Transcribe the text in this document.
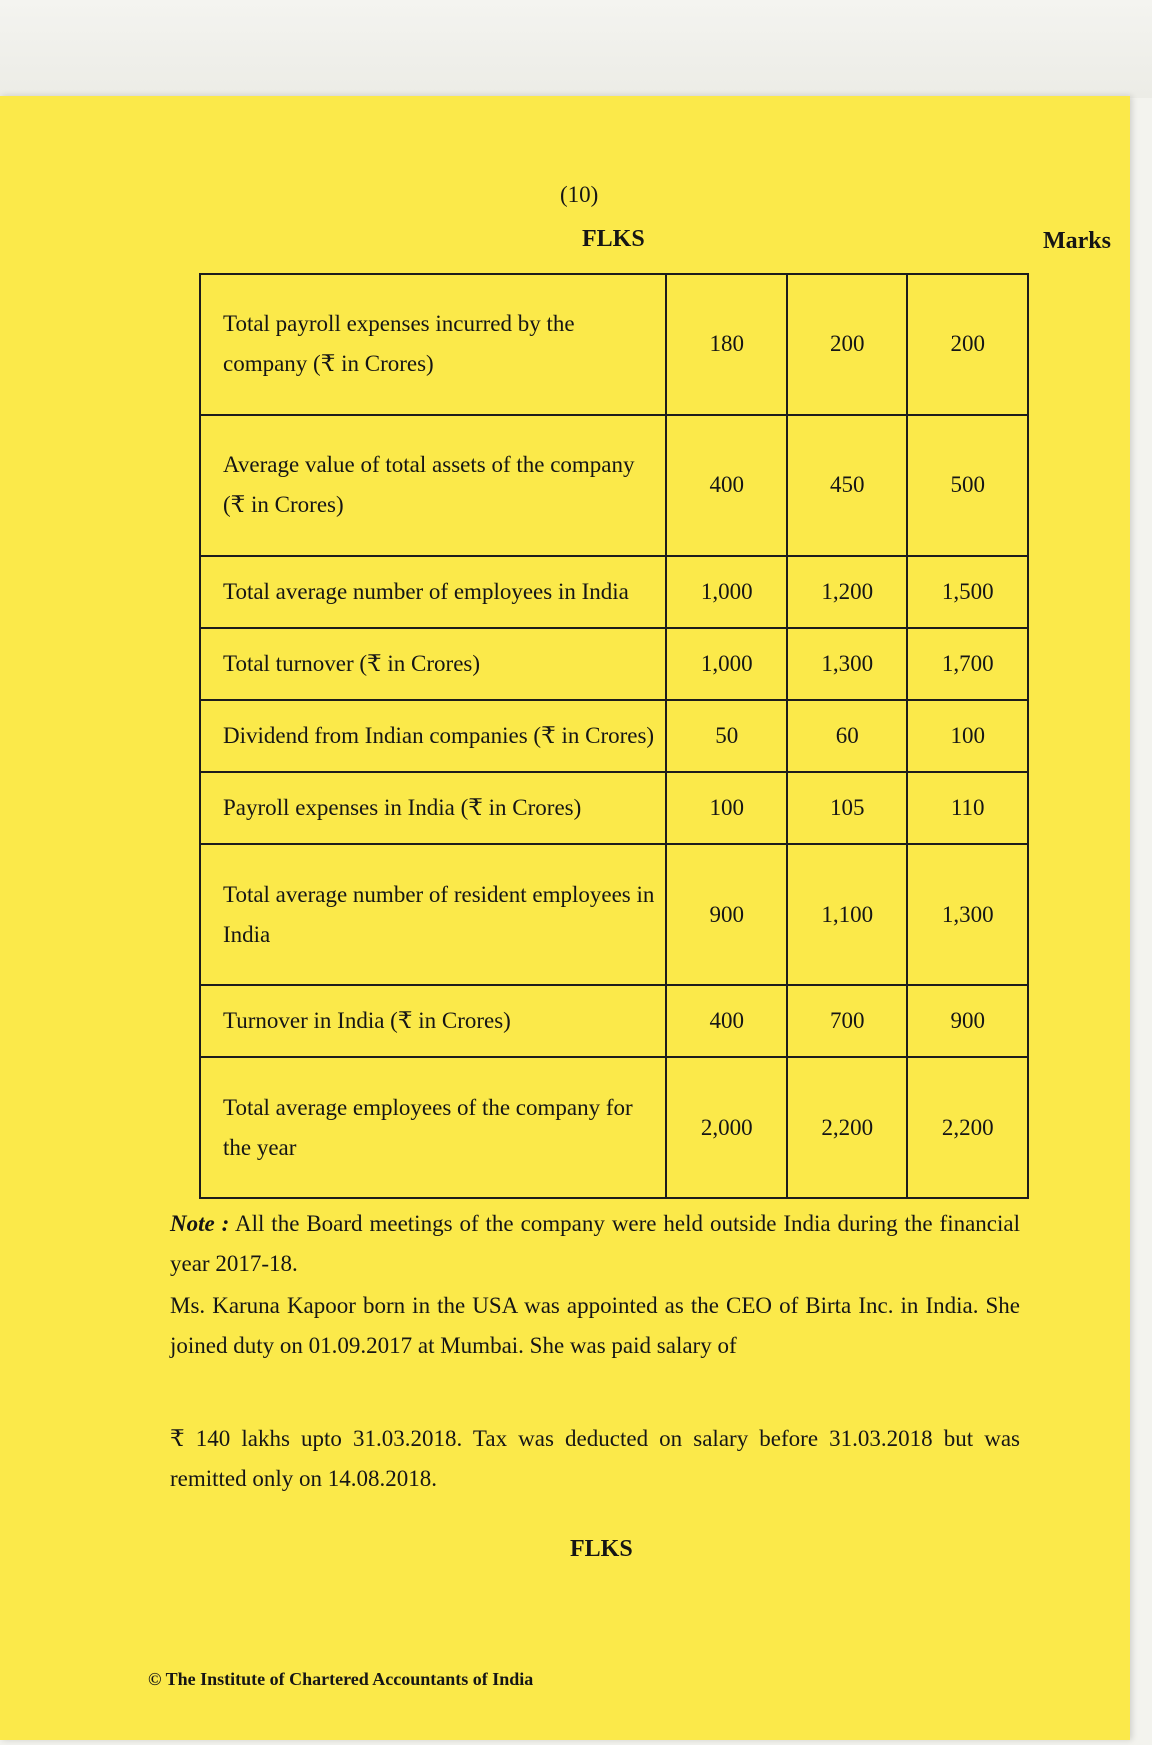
(10)
FLKS	Marks
Total payroll expenses incurred by the company (₹ in Crores)	180	200	200
Average value of total assets of the company (₹ in Crores)	400	450	500
Total average number of employees in India	1,000	1,200	1,500
Total turnover (₹ in Crores)	1,000	1,300	1,700
Dividend from Indian companies (₹ in Crores)	50	60	100
Payroll expenses in India (₹ in Crores)	100	105	110
Total average number of resident employees in India	900	1,100	1,300
Turnover in India (₹ in Crores)	400	700	900
Total average employees of the company for the year	2,000	2,200	2,200

Note : All the Board meetings of the company were held outside India during the financial year 2017-18.

Ms. Karuna Kapoor born in the USA was appointed as the CEO of Birta Inc. in India. She joined duty on 01.09.2017 at Mumbai. She was paid salary of

₹ 140 lakhs upto 31.03.2018. Tax was deducted on salary before 31.03.2018 but was remitted only on 14.08.2018.

FLKS
© The Institute of Chartered Accountants of India
